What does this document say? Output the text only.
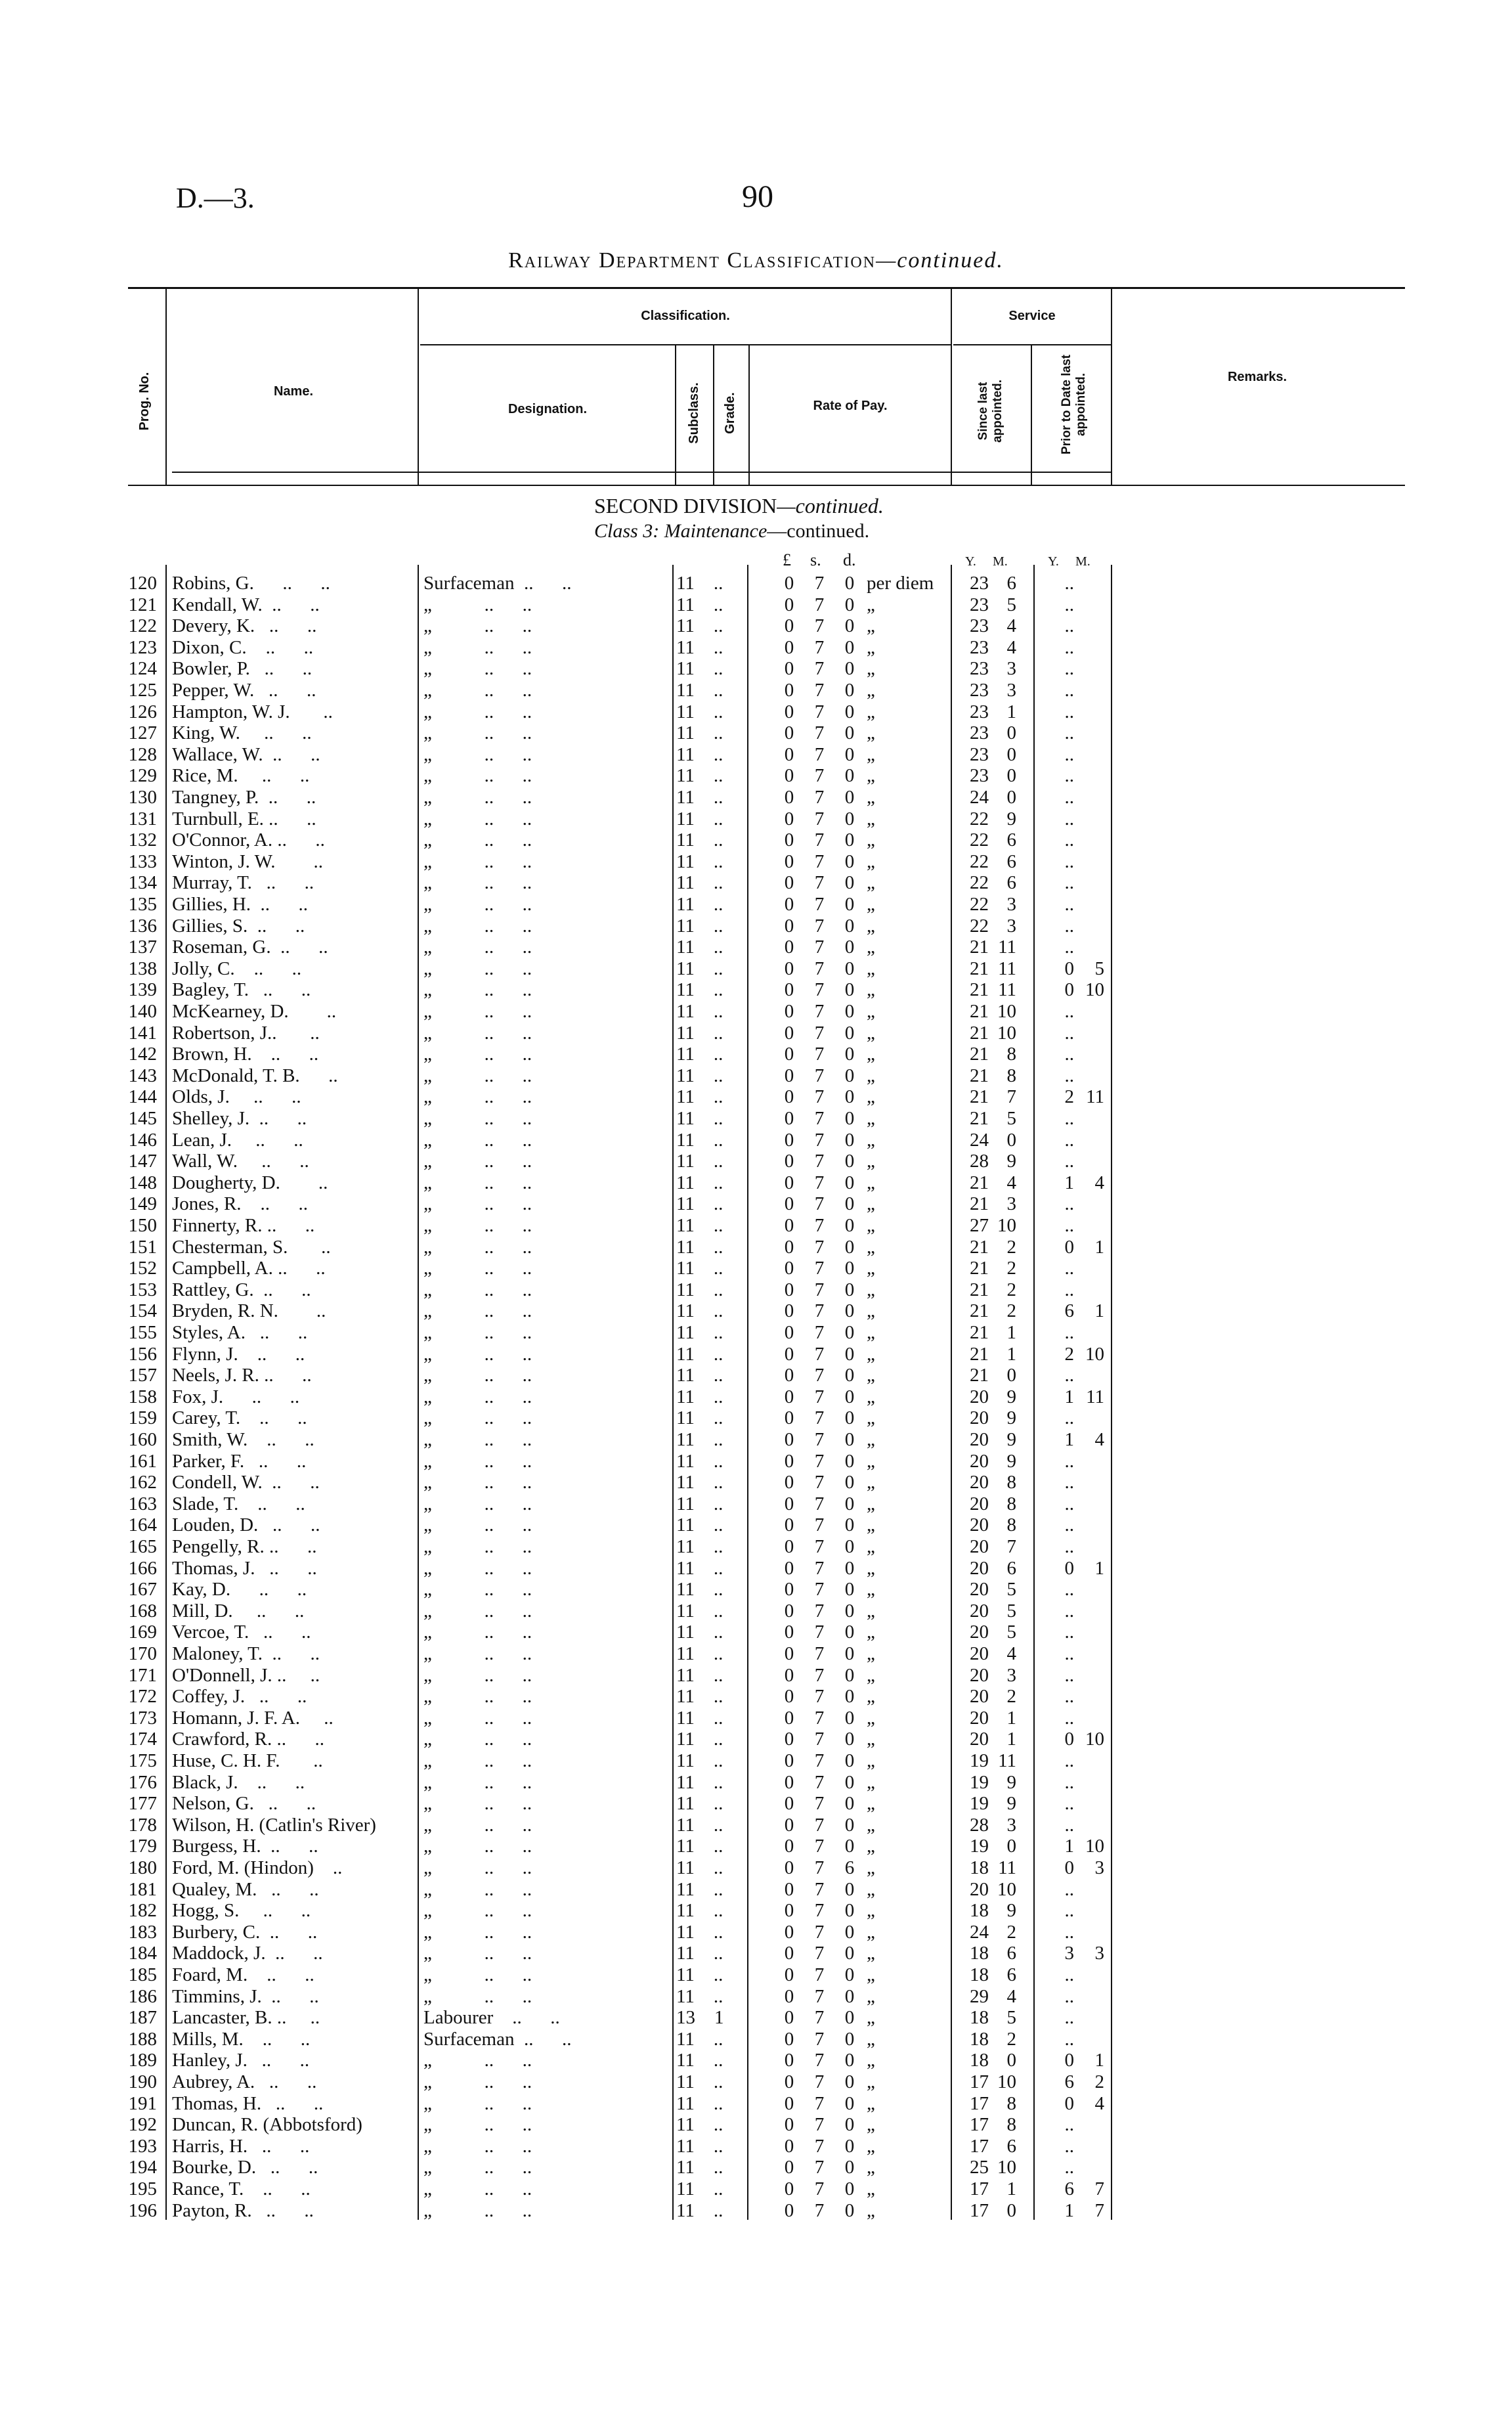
D.—3.	90
Railway Department Classification—continued.
Prog. No.	Name.
Classification.
Designation.	Subclass. Grade.	Rate of Pay.
Service
Since last appointed.	Prior to Date last appointed.	Remarks.
SECOND DIVISION—continued.
Class 3: Maintenance—continued.
£ s. d.	Y. M.	Y. M.
120 Robins, G.      ..      ..	Surfaceman  ..      ..	11    ..	0 7 0 per diem	23 6	..
121 Kendall, W.  ..      ..	„           ..      ..	11    ..	0 7 0 „	23 5	..
122 Devery, K.   ..      ..	„           ..      ..	11    ..	0 7 0 „	23 4	..
123 Dixon, C.    ..      ..	„           ..      ..	11    ..	0 7 0 „	23 4	..
124 Bowler, P.   ..      ..	„           ..      ..	11    ..	0 7 0 „	23 3	..
125 Pepper, W.   ..      ..	„           ..      ..	11    ..	0 7 0 „	23 3	..
126 Hampton, W. J.       ..	„           ..      ..	11    ..	0 7 0 „	23 1	..
127 King, W.     ..      ..	„           ..      ..	11    ..	0 7 0 „	23 0	..
128 Wallace, W.  ..      ..	„           ..      ..	11    ..	0 7 0 „	23 0	..
129 Rice, M.     ..      ..	„           ..      ..	11    ..	0 7 0 „	23 0	..
130 Tangney, P.  ..      ..	„           ..      ..	11    ..	0 7 0 „	24 0	..
131 Turnbull, E. ..      ..	„           ..      ..	11    ..	0 7 0 „	22 9	..
132 O'Connor, A. ..      ..	„           ..      ..	11    ..	0 7 0 „	22 6	..
133 Winton, J. W.        ..	„           ..      ..	11    ..	0 7 0 „	22 6	..
134 Murray, T.   ..      ..	„           ..      ..	11    ..	0 7 0 „	22 6	..
135 Gillies, H.  ..      ..	„           ..      ..	11    ..	0 7 0 „	22 3	..
136 Gillies, S.  ..      ..	„           ..      ..	11    ..	0 7 0 „	22 3	..
137 Roseman, G.  ..      ..	„           ..      ..	11    ..	0 7 0 „	21 11	..
138 Jolly, C.    ..      ..	„           ..      ..	11    ..	0 7 0 „	21 11	0	5
139 Bagley, T.   ..      ..	„           ..      ..	11    ..	0 7 0 „	21 11	0 10
140 McKearney, D.        ..	„           ..      ..	11    ..	0 7 0 „	21 10	..
141 Robertson, J..       ..	„           ..      ..	11    ..	0 7 0 „	21 10	..
142 Brown, H.    ..      ..	„           ..      ..	11    ..	0 7 0 „	21 8	..
143 McDonald, T. B.      ..	„           ..      ..	11    ..	0 7 0 „	21 8	..
144 Olds, J.     ..      ..	„           ..      ..	11    ..	0 7 0 „	21 7	2 11
145 Shelley, J.  ..      ..	„           ..      ..	11    ..	0 7 0 „	21 5	..
146 Lean, J.     ..      ..	„           ..      ..	11    ..	0 7 0 „	24 0	..
147 Wall, W.     ..      ..	„           ..      ..	11    ..	0 7 0 „	28 9	..
148 Dougherty, D.        ..	„           ..      ..	11    ..	0 7 0 „	21 4	1	4
149 Jones, R.    ..      ..	„           ..      ..	11    ..	0 7 0 „	21 3	..
150 Finnerty, R. ..      ..	„           ..      ..	11    ..	0 7 0 „	27 10	..
151 Chesterman, S.       ..	„           ..      ..	11    ..	0 7 0 „	21 2	0	1
152 Campbell, A. ..      ..	„           ..      ..	11    ..	0 7 0 „	21 2	..
153 Rattley, G.  ..      ..	„           ..      ..	11    ..	0 7 0 „	21 2	..
154 Bryden, R. N.        ..	„           ..      ..	11    ..	0 7 0 „	21 2	6	1
155 Styles, A.   ..      ..	„           ..      ..	11    ..	0 7 0 „	21 1	..
156 Flynn, J.    ..      ..	„           ..      ..	11    ..	0 7 0 „	21 1	2 10
157 Neels, J. R. ..      ..	„           ..      ..	11    ..	0 7 0 „	21 0	..
158 Fox, J.      ..      ..	„           ..      ..	11    ..	0 7 0 „	20 9	1 11
159 Carey, T.    ..      ..	„           ..      ..	11    ..	0 7 0 „	20 9	..
160 Smith, W.    ..      ..	„           ..      ..	11    ..	0 7 0 „	20 9	1	4
161 Parker, F.   ..      ..	„           ..      ..	11    ..	0 7 0 „	20 9	..
162 Condell, W.  ..      ..	„           ..      ..	11    ..	0 7 0 „	20 8	..
163 Slade, T.    ..      ..	„           ..      ..	11    ..	0 7 0 „	20 8	..
164 Louden, D.   ..      ..	„           ..      ..	11    ..	0 7 0 „	20 8	..
165 Pengelly, R. ..      ..	„           ..      ..	11    ..	0 7 0 „	20 7	..
166 Thomas, J.   ..      ..	„           ..      ..	11    ..	0 7 0 „	20 6	0	1
167 Kay, D.      ..      ..	„           ..      ..	11    ..	0 7 0 „	20 5	..
168 Mill, D.     ..      ..	„           ..      ..	11    ..	0 7 0 „	20 5	..
169 Vercoe, T.   ..      ..	„           ..      ..	11    ..	0 7 0 „	20 5	..
170 Maloney, T.  ..      ..	„           ..      ..	11    ..	0 7 0 „	20 4	..
171 O'Donnell, J. ..     ..	„           ..      ..	11    ..	0 7 0 „	20 3	..
172 Coffey, J.   ..      ..	„           ..      ..	11    ..	0 7 0 „	20 2	..
173 Homann, J. F. A.     ..	„           ..      ..	11    ..	0 7 0 „	20 1	..
174 Crawford, R. ..      ..	„           ..      ..	11    ..	0 7 0 „	20 1	0 10
175 Huse, C. H. F.       ..	„           ..      ..	11    ..	0 7 0 „	19 11	..
176 Black, J.    ..      ..	„           ..      ..	11    ..	0 7 0 „	19 9	..
177 Nelson, G.   ..      ..	„           ..      ..	11    ..	0 7 0 „	19 9	..
178 Wilson, H. (Catlin's River) „           ..      ..	11    ..	0 7 0 „	28 3	..
179 Burgess, H.  ..      ..	„           ..      ..	11    ..	0 7 0 „	19 0	1 10
180 Ford, M. (Hindon)    ..	„           ..      ..	11    ..	0 7 6 „	18 11	0	3
181 Qualey, M.   ..      ..	„           ..      ..	11    ..	0 7 0 „	20 10	..
182 Hogg, S.     ..      ..	„           ..      ..	11    ..	0 7 0 „	18 9	..
183 Burbery, C.  ..      ..	„           ..      ..	11    ..	0 7 0 „	24 2	..
184 Maddock, J.  ..      ..	„           ..      ..	11    ..	0 7 0 „	18 6	3	3
185 Foard, M.    ..      ..	„           ..      ..	11    ..	0 7 0 „	18 6	..
186 Timmins, J.  ..      ..	„           ..      ..	11    ..	0 7 0 „	29 4	..
187 Lancaster, B. ..     ..	Labourer    ..      ..	13    1	0 7 0 „	18 5	..
188 Mills, M.    ..      ..	Surfaceman  ..      ..	11    ..	0 7 0 „	18 2	..
189 Hanley, J.   ..      ..	„           ..      ..	11    ..	0 7 0 „	18 0	0	1
190 Aubrey, A.   ..      ..	„           ..      ..	11    ..	0 7 0 „	17 10	6	2
191 Thomas, H.   ..      ..	„           ..      ..	11    ..	0 7 0 „	17 8	0	4
192 Duncan, R. (Abbotsford)	„           ..      ..	11    ..	0 7 0 „	17 8	..
193 Harris, H.   ..      ..	„           ..      ..	11    ..	0 7 0 „	17 6	..
194 Bourke, D.   ..      ..	„           ..      ..	11    ..	0 7 0 „	25 10	..
195 Rance, T.    ..      ..	„           ..      ..	11    ..	0 7 0 „	17 1	6	7
196 Payton, R.   ..      ..	„           ..      ..	11    ..	0 7 0 „	17 0	1	7
